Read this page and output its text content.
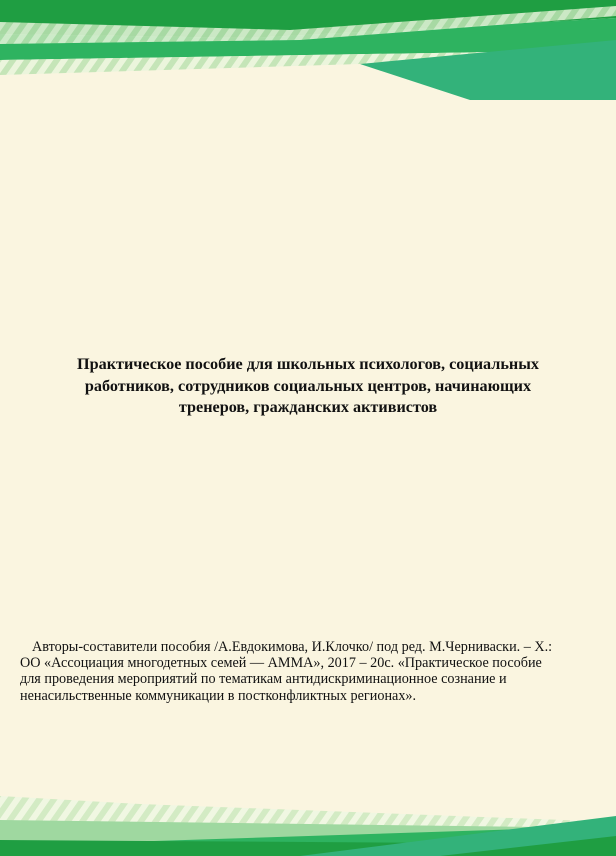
Практическое пособие для школьных психологов, социальных
работников, сотрудников социальных центров, начинающих
тренеров, гражданских активистов

Авторы-составители пособия /А.Евдокимова, И.Клочко/ под ред. М.Черниваски. – Х.:
ОО «Ассоциация многодетных семей — АММА», 2017 – 20с. «Практическое пособие
для проведения мероприятий по тематикам антидискриминационное сознание и
ненасильственные коммуникации в постконфликтных регионах».
